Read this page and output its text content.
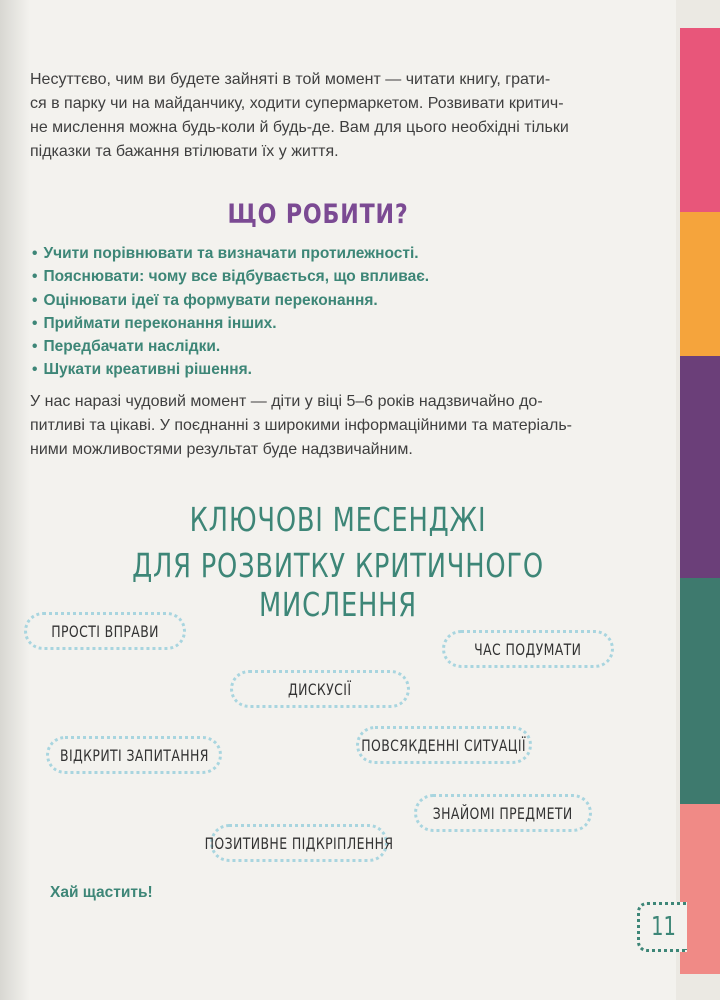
Несуттєво, чим ви будете зайняті в той момент — читати книгу, грати-
ся в парку чи на майданчику, ходити супермаркетом. Розвивати критич-
не мислення можна будь-коли й будь-де. Вам для цього необхідні тільки
підказки та бажання втілювати їх у життя.
ЩО РОБИТИ?
• Учити порівнювати та визначати протилежності.
• Пояснювати: чому все відбувається, що впливає.
• Оцінювати ідеї та формувати переконання.
• Приймати переконання інших.
• Передбачати наслідки.
• Шукати креативні рішення.
У нас наразі чудовий момент — діти у віці 5–6 років надзвичайно до-
питливі та цікаві. У поєднанні з широкими інформаційними та матеріаль-
ними можливостями результат буде надзвичайним.
КЛЮЧОВІ МЕСЕНДЖІ
ДЛЯ РОЗВИТКУ КРИТИЧНОГО МИСЛЕННЯ
ПРОСТІ ВПРАВИ
ЧАС ПОДУМАТИ
ДИСКУСІЇ
ВІДКРИТІ ЗАПИТАННЯ
ПОВСЯКДЕННІ СИТУАЦІЇ
ЗНАЙОМІ ПРЕДМЕТИ
ПОЗИТИВНЕ ПІДКРІПЛЕННЯ
Хай щастить!
11
